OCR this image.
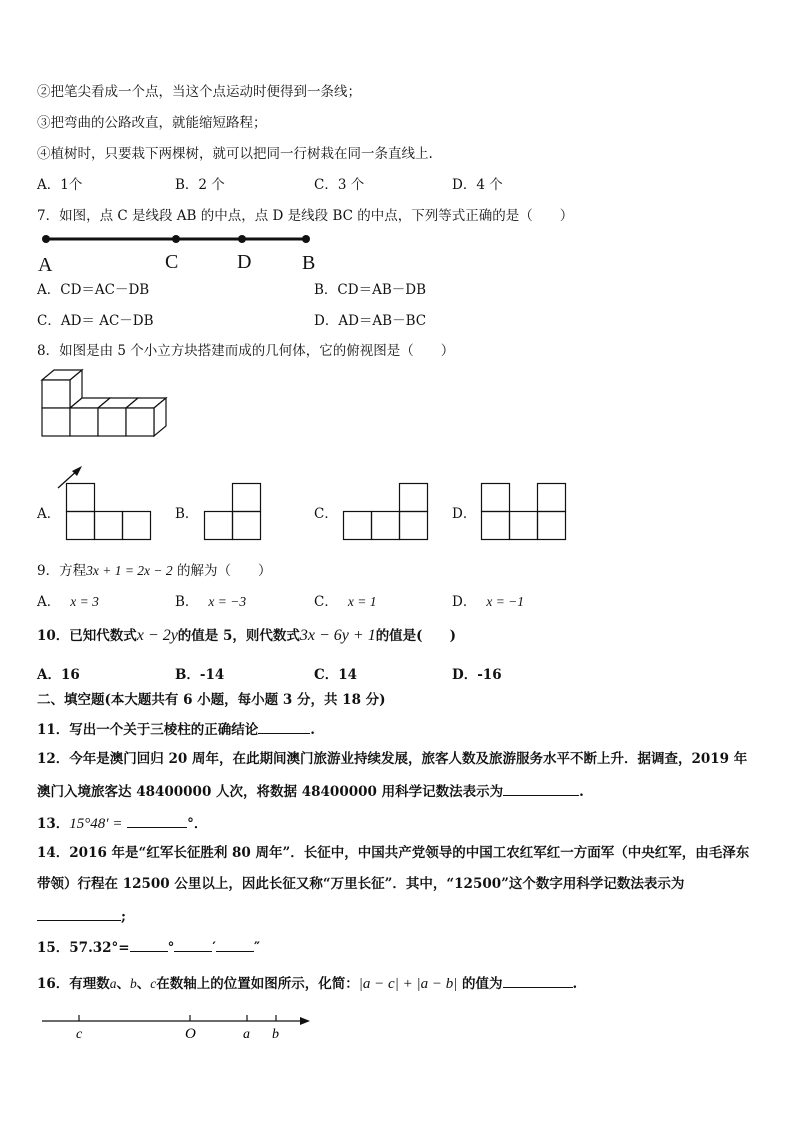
②把笔尖看成一个点，当这个点运动时便得到一条线；
③把弯曲的公路改直，就能缩短路程；
④植树时，只要栽下两棵树，就可以把同一行树栽在同一条直线上.
A．1个	B．2 个	C．3 个	D．4 个
7．如图，点 C 是线段 AB 的中点，点 D 是线段 BC 的中点，下列等式正确的是（　　）
A	C	D	B
A．CD＝AC－DB	B．CD＝AB－DB
C．AD＝ AC－DB	D．AD＝AB－BC
8．如图是由 5 个小立方块搭建而成的几何体，它的俯视图是（　　）
A．	B．	C．	D．
9．方程3x + 1 = 2x − 2 的解为（　　）
A． x = 3	B． x = −3	C． x = 1	D． x = −1
10．已知代数式x − 2y的值是 5，则代数式3x − 6y + 1的值是(　　)
A．16	B．-14	C．14	D．-16
二、填空题(本大题共有 6 小题，每小题 3 分，共 18 分)
11．写出一个关于三棱柱的正确结论	.
12．今年是澳门回归 20 周年，在此期间澳门旅游业持续发展，旅客人数及旅游服务水平不断上升．据调查，2019 年
澳门入境旅客达 48400000 人次，将数据 48400000 用科学记数法表示为	.
13．15°48′ =	°．
14．2016 年是“红军长征胜利 80 周年”．长征中，中国共产党领导的中国工农红军红一方面军（中央红军，由毛泽东
带领）行程在 12500 公里以上，因此长征又称“万里长征”．其中，“12500”这个数字用科学记数法表示为
;
15．57.32°=	°	′	″
16．有理数a、b、c在数轴上的位置如图所示，化简：|a − c| + |a − b| 的值为	.
c	O	a b
